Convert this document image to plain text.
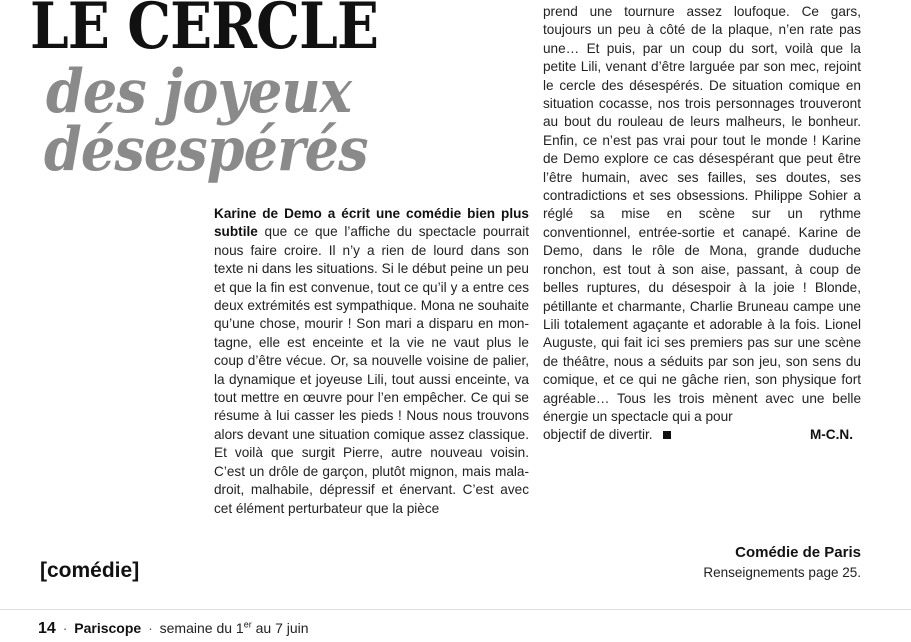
LE CERCLE
des joyeux
désespérés

Karine de Demo a écrit une comédie bien plus subtile que ce que l’affiche du spectacle pourrait nous faire croire. Il n’y a rien de lourd dans son texte ni dans les situations. Si le début peine un peu et que la fin est convenue, tout ce qu’il y a entre ces deux extrémités est sympathique. Mona ne souhaite qu’une chose, mourir ! Son mari a disparu en montagne, elle est enceinte et la vie ne vaut plus le coup d’être vécue. Or, sa nouvelle voisine de palier, la dynamique et joyeuse Lili, tout aussi enceinte, va tout mettre en œuvre pour l’en empêcher. Ce qui se résume à lui casser les pieds ! Nous nous trouvons alors devant une situation comique assez classique. Et voilà que surgit Pierre, autre nouveau voisin. C’est un drôle de garçon, plutôt mignon, mais maladroit, malhabile, dépressif et énervant. C’est avec cet élément perturbateur que la pièce

prend une tournure assez loufoque. Ce gars, toujours un peu à côté de la plaque, n’en rate pas une… Et puis, par un coup du sort, voilà que la petite Lili, venant d’être larguée par son mec, rejoint le cercle des désespérés. De situation comique en situation cocasse, nos trois personnages trouveront au bout du rouleau de leurs malheurs, le bonheur. Enfin, ce n’est pas vrai pour tout le monde ! Karine de Demo explore ce cas désespérant que peut être l’être humain, avec ses failles, ses doutes, ses contradictions et ses obsessions. Philippe Sohier a réglé sa mise en scène sur un rythme conventionnel, entrée-sortie et canapé. Karine de Demo, dans le rôle de Mona, grande duduche ronchon, est tout à son aise, passant, à coup de belles ruptures, du désespoir à la joie ! Blonde, pétillante et charmante, Charlie Bruneau campe une Lili totalement agaçante et adorable à la fois. Lionel Auguste, qui fait ici ses premiers pas sur une scène de théâtre, nous a séduits par son jeu, son sens du comique, et ce qui ne gâche rien, son physique fort agréable… Tous les trois mènent avec une belle énergie un spectacle qui a pour

objectif de divertir.	M-C.N.
[comédie]
Comédie de Paris
Renseignements page 25.
14 · Pariscope · semaine du 1er au 7 juin
